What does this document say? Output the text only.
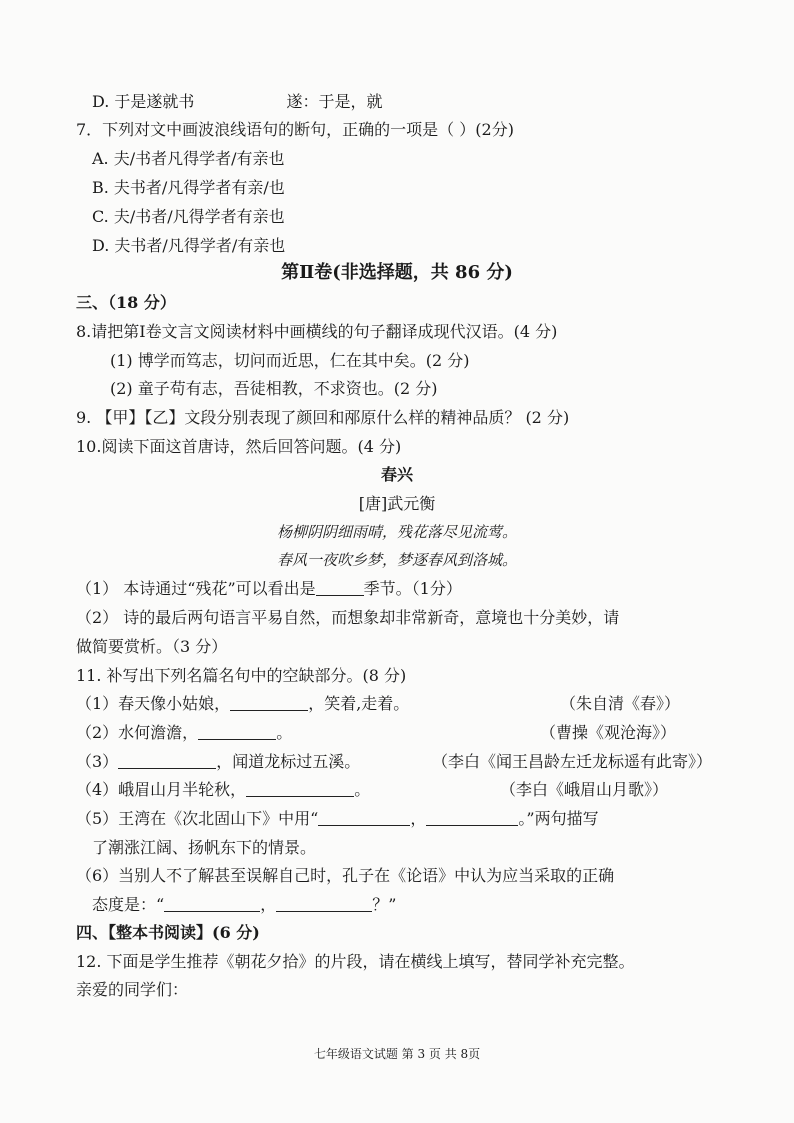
D. 于是遂就书	遂：于是，就
7．下列对文中画波浪线语句的断句，正确的一项是（ ）(2分)
A. 夫/书者凡得学者/有亲也
B. 夫书者/凡得学者有亲/也
C. 夫/书者/凡得学者有亲也
D. 夫书者/凡得学者/有亲也
第Ⅱ卷(非选择题，共 86 分)
三、（18 分）
8.请把第Ⅰ卷文言文阅读材料中画横线的句子翻译成现代汉语。(4 分)
(1) 博学而笃志，切问而近思，仁在其中矣。(2 分)
(2) 童子苟有志，吾徒相教，不求资也。(2 分)
9. 【甲】【乙】文段分别表现了颜回和邴原什么样的精神品质？ (2 分)
10.阅读下面这首唐诗，然后回答问题。(4 分)
春兴
[唐]武元衡
杨柳阴阴细雨晴，残花落尽见流莺。
春风一夜吹乡梦，梦逐春风到洛城。
（1） 本诗通过“残花”可以看出是	季节。（1分）
（2） 诗的最后两句语言平易自然，而想象却非常新奇，意境也十分美妙，请
做简要赏析。（3 分）
11. 补写出下列名篇名句中的空缺部分。(8 分)
（1）春天像小姑娘，	，笑着,走着。	（朱自清《春》）
（2）水何澹澹，	。	（曹操《观沧海》）
（3）	，闻道龙标过五溪。	（李白《闻王昌龄左迁龙标遥有此寄》）
（4）峨眉山月半轮秋，	。	（李白《峨眉山月歌》）
（5）王湾在《次北固山下》中用“	，	。”两句描写
了潮涨江阔、扬帆东下的情景。
（6）当别人不了解甚至误解自己时，孔子在《论语》中认为应当采取的正确
态度是：“	，	？”
四、【整本书阅读】(6 分)
12. 下面是学生推荐《朝花夕拾》的片段，请在横线上填写，替同学补充完整。
亲爱的同学们：
七年级语文试题 第 3 页 共 8页
